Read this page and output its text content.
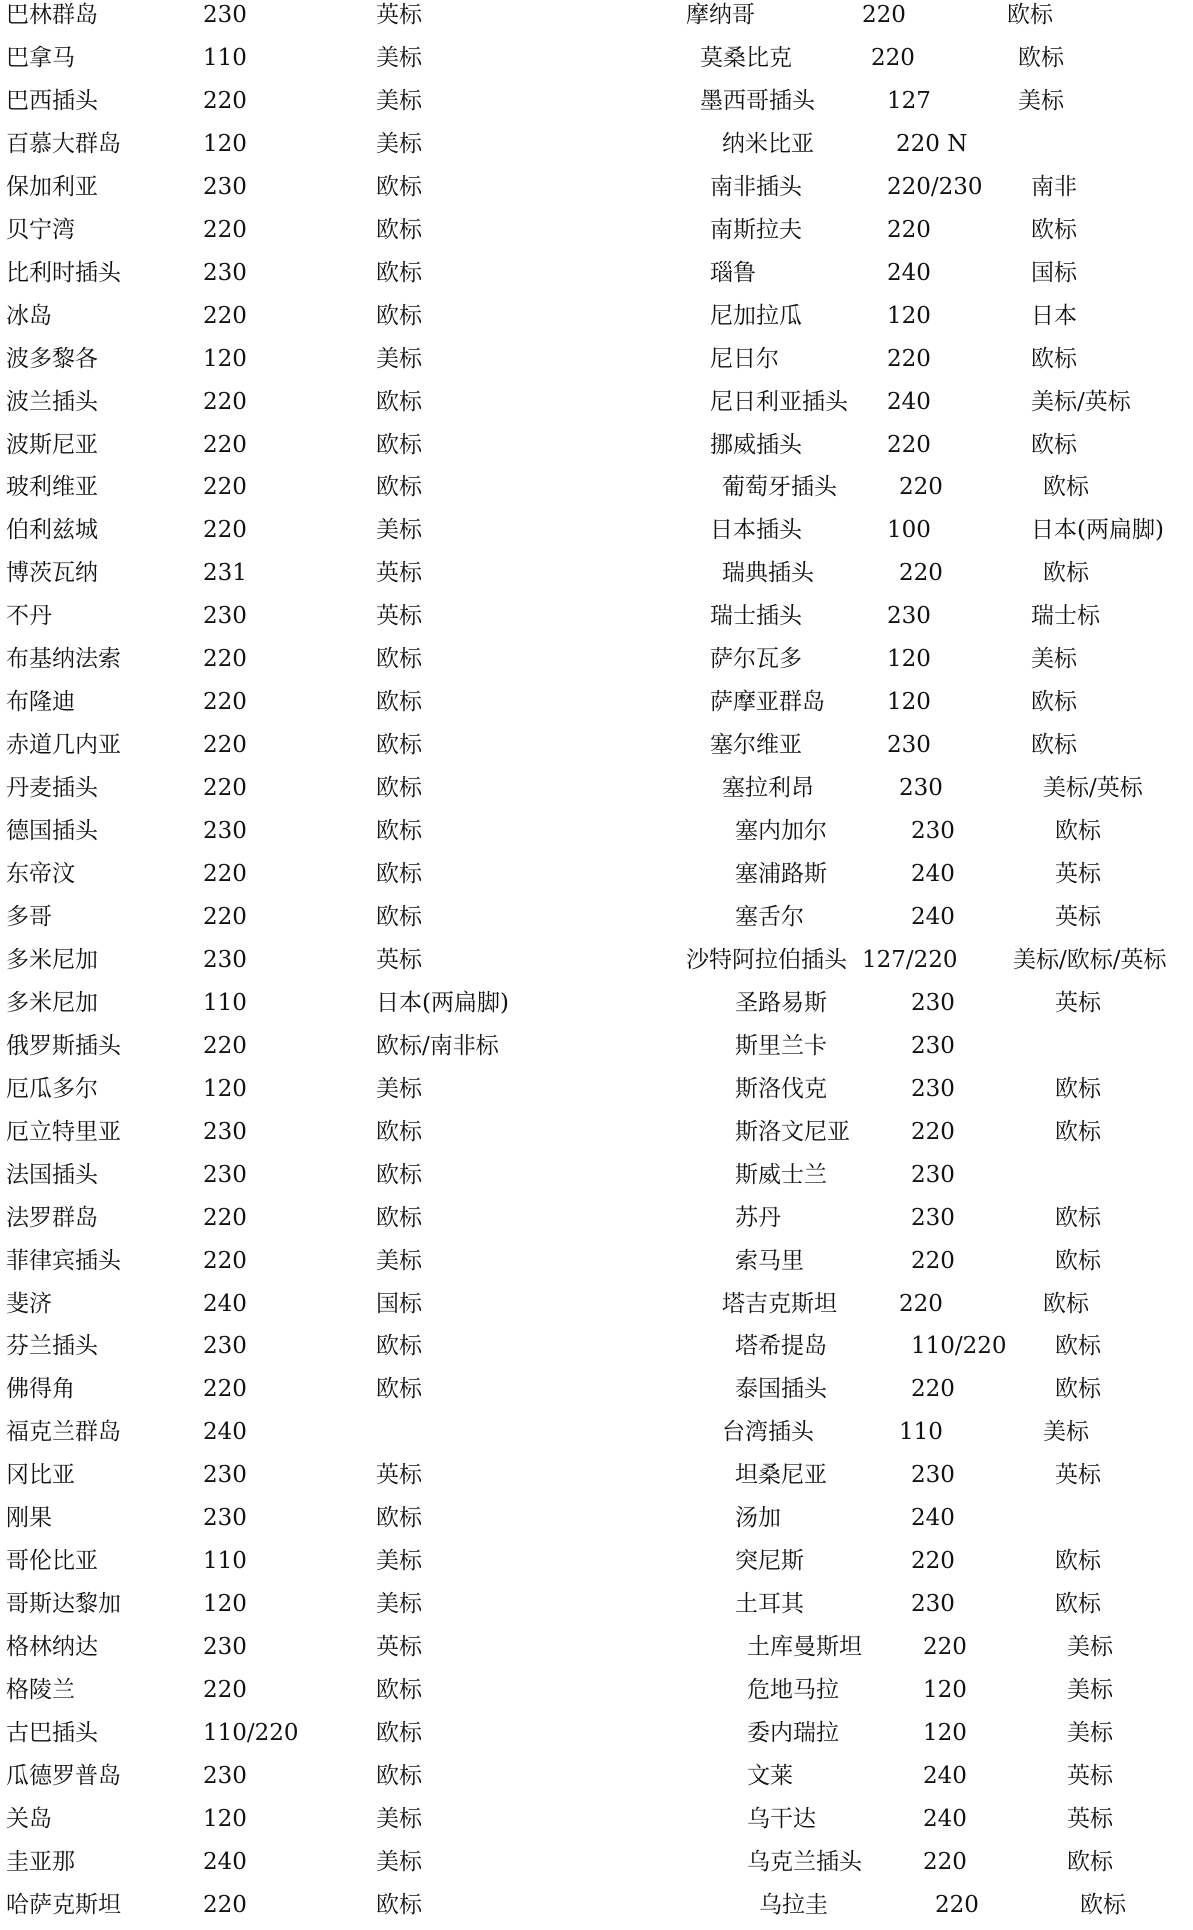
巴林群岛	230	英标
巴拿马	110	美标
巴西插头	220	美标
百慕大群岛	120	美标
保加利亚	230	欧标
贝宁湾	220	欧标
比利时插头	230	欧标
冰岛	220	欧标
波多黎各	120	美标
波兰插头	220	欧标
波斯尼亚	220	欧标
玻利维亚	220	欧标
伯利兹城	220	美标
博茨瓦纳	231	英标
不丹	230	英标
布基纳法索	220	欧标
布隆迪	220	欧标
赤道几内亚	220	欧标
丹麦插头	220	欧标
德国插头	230	欧标
东帝汶	220	欧标
多哥	220	欧标
多米尼加	230	英标
多米尼加	110	日本(两扁脚)
俄罗斯插头	220	欧标/南非标
厄瓜多尔	120	美标
厄立特里亚	230	欧标
法国插头	230	欧标
法罗群岛	220	欧标
菲律宾插头	220	美标
斐济	240	国标
芬兰插头	230	欧标
佛得角	220	欧标
福克兰群岛	240
冈比亚	230	英标
刚果	230	欧标
哥伦比亚	110	美标
哥斯达黎加	120	美标
格林纳达	230	英标
格陵兰	220	欧标
古巴插头	110/220	欧标
瓜德罗普岛	230	欧标
关岛	120	美标
圭亚那	240	美标
哈萨克斯坦	220	欧标
摩纳哥	220	欧标
莫桑比克	220	欧标
墨西哥插头	127	美标
纳米比亚	220 N
南非插头	220/230 南非
南斯拉夫	220	欧标
瑙鲁	240	国标
尼加拉瓜	120	日本
尼日尔	220	欧标
尼日利亚插头 240	美标/英标
挪威插头	220	欧标
葡萄牙插头	220	欧标
日本插头	100	日本(两扁脚)
瑞典插头	220	欧标
瑞士插头	230	瑞士标
萨尔瓦多	120	美标
萨摩亚群岛	120	欧标
塞尔维亚	230	欧标
塞拉利昂	230	美标/英标
塞内加尔	230	欧标
塞浦路斯	240	英标
塞舌尔	240	英标
沙特阿拉伯插头 127/220 美标/欧标/英标
圣路易斯	230	英标
斯里兰卡	230
斯洛伐克	230	欧标
斯洛文尼亚	220	欧标
斯威士兰	230
苏丹	230	欧标
索马里	220	欧标
塔吉克斯坦	220	欧标
塔希提岛	110/220 欧标
泰国插头	220	欧标
台湾插头	110	美标
坦桑尼亚	230	英标
汤加	240
突尼斯	220	欧标
土耳其	230	欧标
土库曼斯坦	220	美标
危地马拉	120	美标
委内瑞拉	120	美标
文莱	240	英标
乌干达	240	英标
乌克兰插头	220	欧标
乌拉圭	220	欧标
